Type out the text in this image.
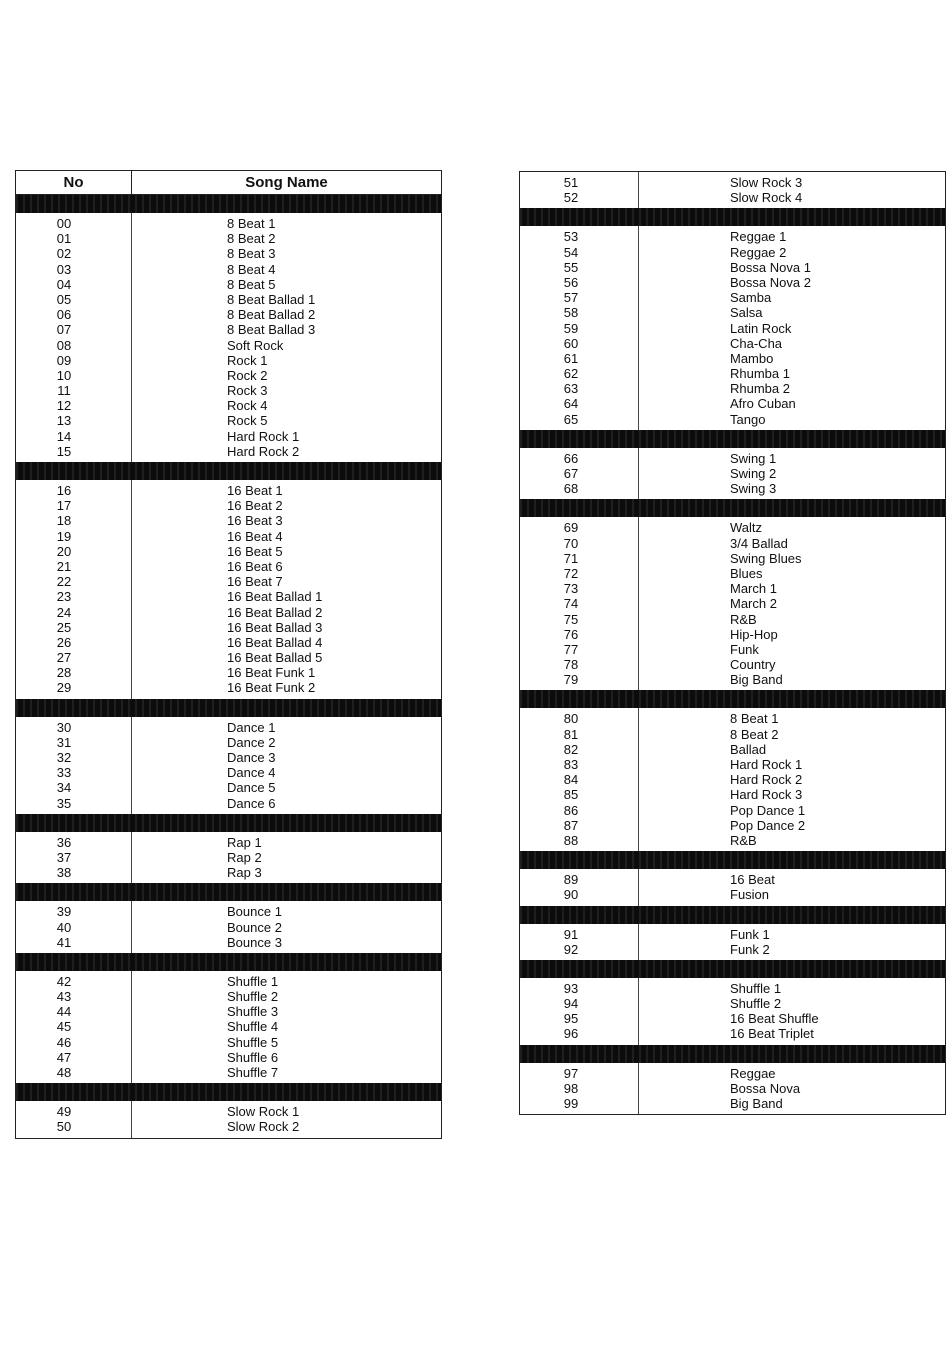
No	Song Name
00	8 Beat 1
01	8 Beat 2
02	8 Beat 3
03	8 Beat 4
04	8 Beat 5
05	8 Beat Ballad 1
06	8 Beat Ballad 2
07	8 Beat Ballad 3
08	Soft Rock
09	Rock 1
10	Rock 2
11	Rock 3
12	Rock 4
13	Rock 5
14	Hard Rock 1
15	Hard Rock 2
16	16 Beat 1
17	16 Beat 2
18	16 Beat 3
19	16 Beat 4
20	16 Beat 5
21	16 Beat 6
22	16 Beat 7
23	16 Beat Ballad 1
24	16 Beat Ballad 2
25	16 Beat Ballad 3
26	16 Beat Ballad 4
27	16 Beat Ballad 5
28	16 Beat Funk 1
29	16 Beat Funk 2
30	Dance 1
31	Dance 2
32	Dance 3
33	Dance 4
34	Dance 5
35	Dance 6
36	Rap 1
37	Rap 2
38	Rap 3
39	Bounce 1
40	Bounce 2
41	Bounce 3
42	Shuffle 1
43	Shuffle 2
44	Shuffle 3
45	Shuffle 4
46	Shuffle 5
47	Shuffle 6
48	Shuffle 7
49	Slow Rock 1
50	Slow Rock 2
51	Slow Rock 3
52	Slow Rock 4
53	Reggae 1
54	Reggae 2
55	Bossa Nova 1
56	Bossa Nova 2
57	Samba
58	Salsa
59	Latin Rock
60	Cha-Cha
61	Mambo
62	Rhumba 1
63	Rhumba 2
64	Afro Cuban
65	Tango
66	Swing 1
67	Swing 2
68	Swing 3
69	Waltz
70	3/4 Ballad
71	Swing Blues
72	Blues
73	March 1
74	March 2
75	R&B
76	Hip-Hop
77	Funk
78	Country
79	Big Band
80	8 Beat 1
81	8 Beat 2
82	Ballad
83	Hard Rock 1
84	Hard Rock 2
85	Hard Rock 3
86	Pop Dance 1
87	Pop Dance 2
88	R&B
89	16 Beat
90	Fusion
91	Funk 1
92	Funk 2
93	Shuffle 1
94	Shuffle 2
95	16 Beat Shuffle
96	16 Beat Triplet
97	Reggae
98	Bossa Nova
99	Big Band
